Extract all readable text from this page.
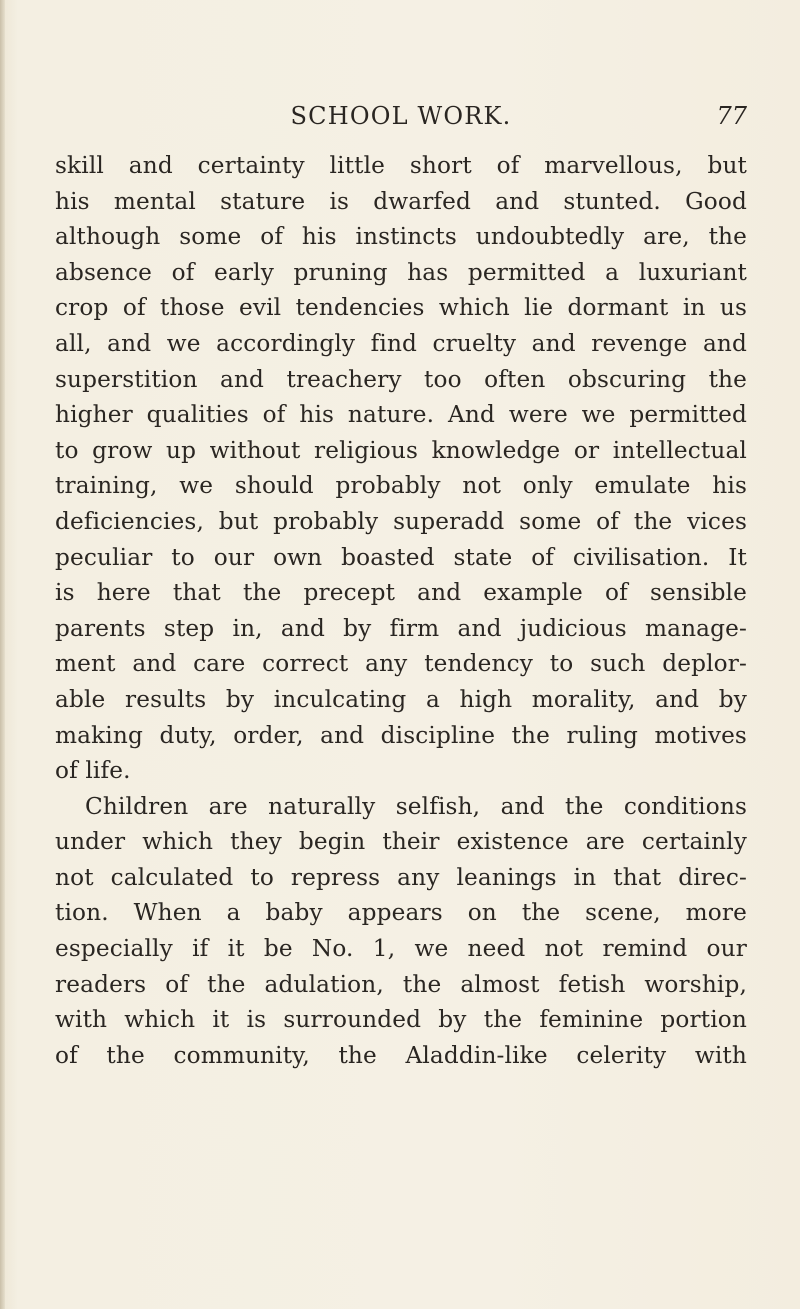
SCHOOL WORK.	77
skill and certainty little short of marvellous, but
his mental stature is dwarfed and stunted. Good
although some of his instincts undoubtedly are, the
absence of early pruning has permitted a luxuriant
crop of those evil tendencies which lie dormant in us
all, and we accordingly find cruelty and revenge and
superstition and treachery too often obscuring the
higher qualities of his nature. And were we permitted
to grow up without religious knowledge or intellectual
training, we should probably not only emulate his
deficiencies, but probably superadd some of the vices
peculiar to our own boasted state of civilisation. It
is here that the precept and example of sensible
parents step in, and by firm and judicious manage-
ment and care correct any tendency to such deplor-
able results by inculcating a high morality, and by
making duty, order, and discipline the ruling motives
of life.
Children are naturally selfish, and the conditions
under which they begin their existence are certainly
not calculated to repress any leanings in that direc-
tion. When a baby appears on the scene, more
especially if it be No. 1, we need not remind our
readers of the adulation, the almost fetish worship,
with which it is surrounded by the feminine portion
of the community, the Aladdin-like celerity with
